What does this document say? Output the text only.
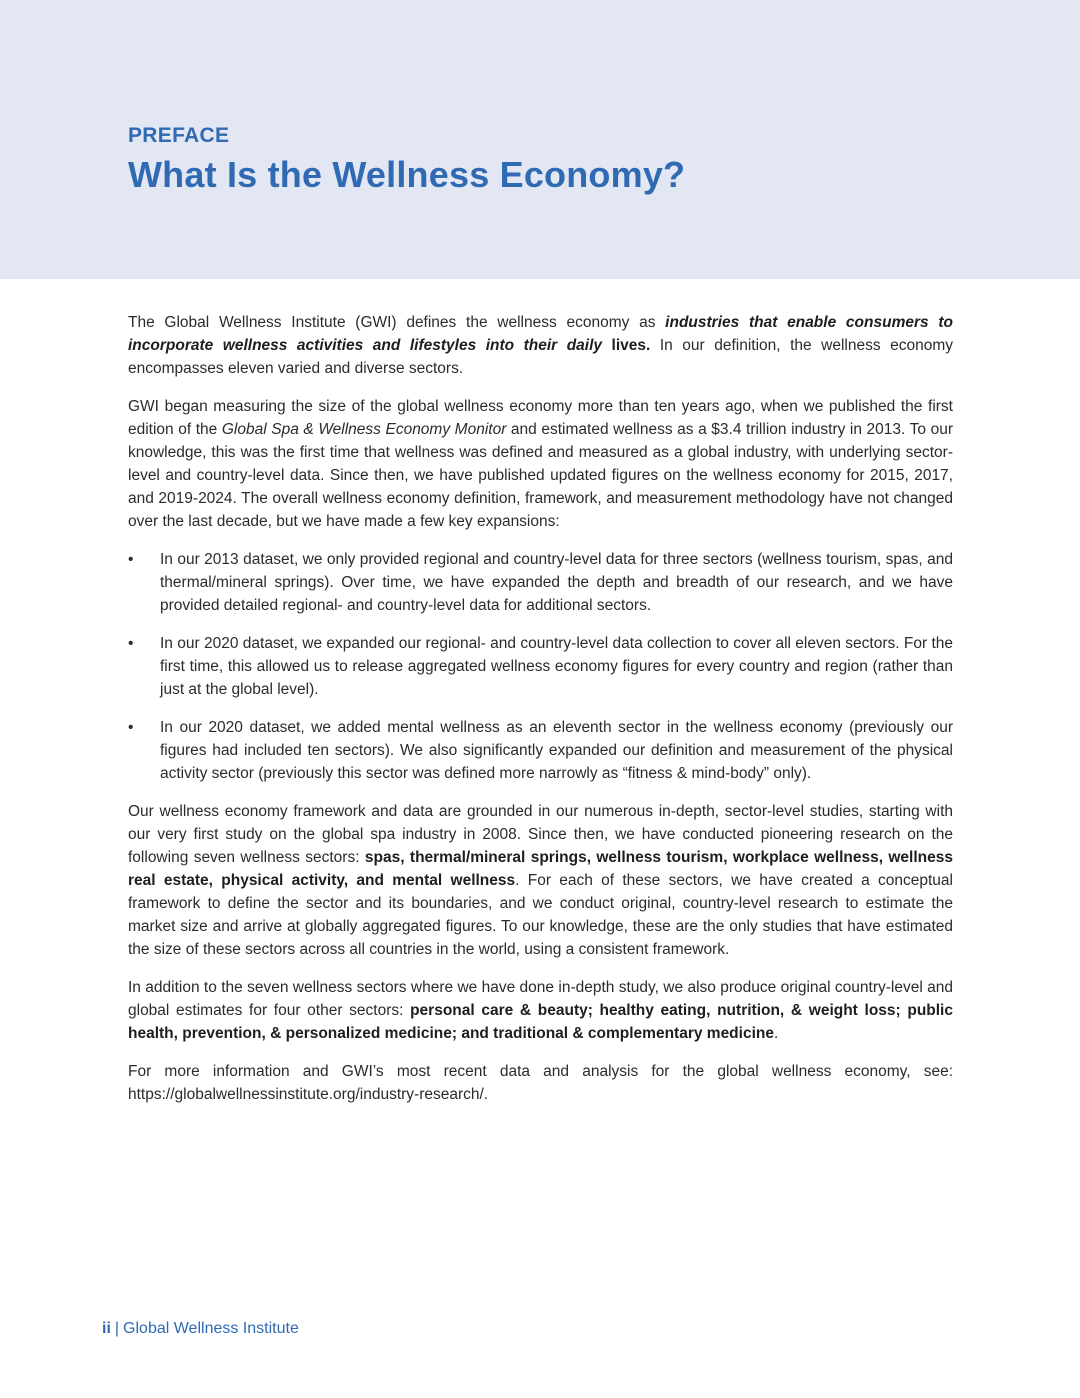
PREFACE
What Is the Wellness Economy?

The Global Wellness Institute (GWI) defines the wellness economy as industries that enable consumers to incorporate wellness activities and lifestyles into their daily lives. In our definition, the wellness economy encompasses eleven varied and diverse sectors.

GWI began measuring the size of the global wellness economy more than ten years ago, when we published the first edition of the Global Spa & Wellness Economy Monitor and estimated wellness as a $3.4 trillion industry in 2013. To our knowledge, this was the first time that wellness was defined and measured as a global industry, with underlying sector-level and country-level data. Since then, we have published updated figures on the wellness economy for 2015, 2017, and 2019-2024. The overall wellness economy definition, framework, and measurement methodology have not changed over the last decade, but we have made a few key expansions:

• In our 2013 dataset, we only provided regional and country-level data for three sectors (wellness tourism, spas, and thermal/mineral springs). Over time, we have expanded the depth and breadth of our research, and we have provided detailed regional- and country-level data for additional sectors.
• In our 2020 dataset, we expanded our regional- and country-level data collection to cover all eleven sectors. For the first time, this allowed us to release aggregated wellness economy figures for every country and region (rather than just at the global level).
• In our 2020 dataset, we added mental wellness as an eleventh sector in the wellness economy (previously our figures had included ten sectors). We also significantly expanded our definition and measurement of the physical activity sector (previously this sector was defined more narrowly as “fitness & mind-body” only).

Our wellness economy framework and data are grounded in our numerous in-depth, sector-level studies, starting with our very first study on the global spa industry in 2008. Since then, we have conducted pioneering research on the following seven wellness sectors: spas, thermal/mineral springs, wellness tourism, workplace wellness, wellness real estate, physical activity, and mental wellness. For each of these sectors, we have created a conceptual framework to define the sector and its boundaries, and we conduct original, country-level research to estimate the market size and arrive at globally aggregated figures. To our knowledge, these are the only studies that have estimated the size of these sectors across all countries in the world, using a consistent framework.

In addition to the seven wellness sectors where we have done in-depth study, we also produce original country-level and global estimates for four other sectors: personal care & beauty; healthy eating, nutrition, & weight loss; public health, prevention, & personalized medicine; and traditional & complementary medicine.

For more information and GWI’s most recent data and analysis for the global wellness economy, see: https://globalwellnessinstitute.org/industry-research/.

ii | Global Wellness Institute
